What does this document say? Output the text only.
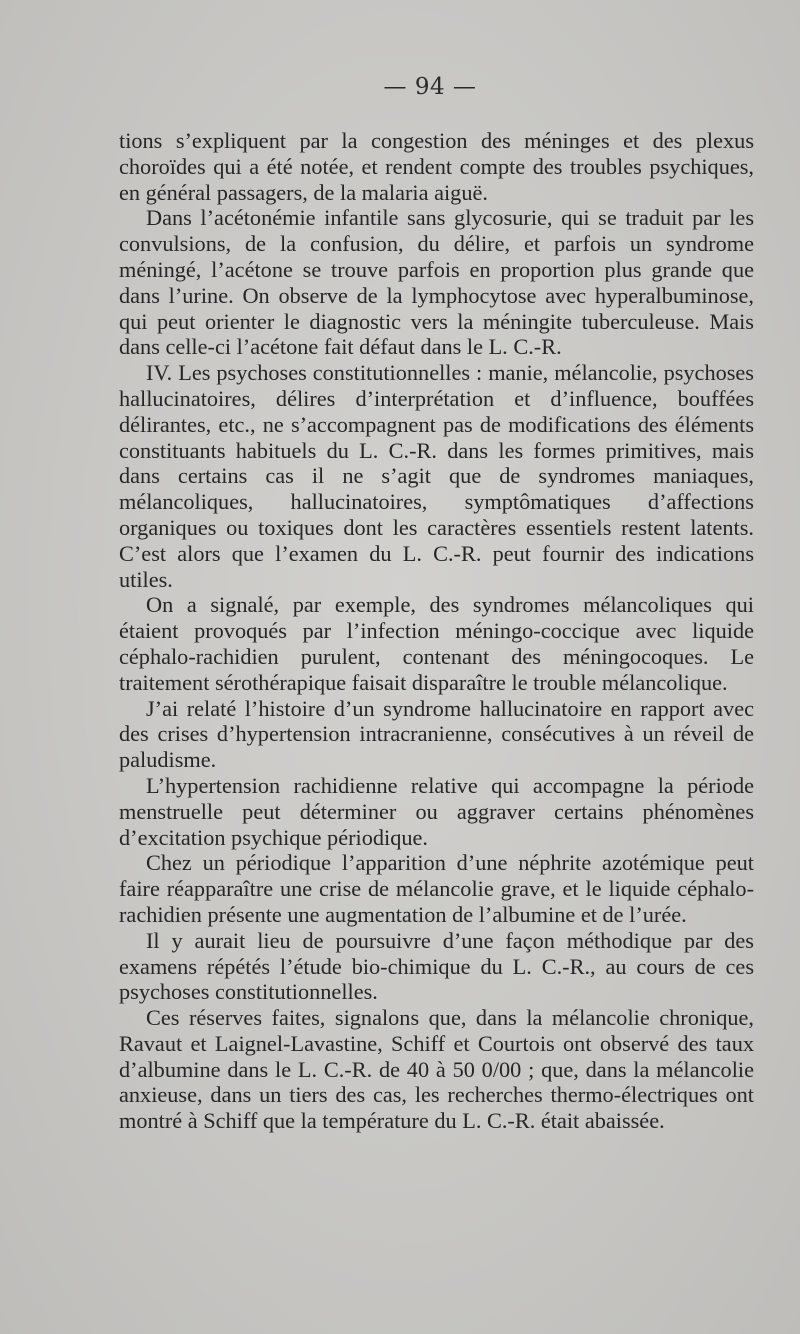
— 94 —

tions s’expliquent par la congestion des méninges et des plexus choroïdes qui a été notée, et rendent compte des troubles psychiques, en général passagers, de la malaria aiguë.

Dans l’acétonémie infantile sans glycosurie, qui se traduit par les convulsions, de la confusion, du délire, et parfois un syndrome méningé, l’acétone se trouve parfois en proportion plus grande que dans l’urine. On observe de la lymphocytose avec hyperalbuminose, qui peut orienter le diagnostic vers la méningite tuberculeuse. Mais dans celle-ci l’acétone fait défaut dans le L. C.-R.

IV. Les psychoses constitutionnelles : manie, mélancolie, psychoses hallucinatoires, délires d’interprétation et d’influence, bouffées délirantes, etc., ne s’accompagnent pas de modifications des éléments constituants habituels du L. C.-R. dans les formes primitives, mais dans certains cas il ne s’agit que de syndromes maniaques, mélancoliques, hallucinatoires, symptômatiques d’affections organiques ou toxiques dont les caractères essentiels restent latents. C’est alors que l’examen du L. C.-R. peut fournir des indications utiles.

On a signalé, par exemple, des syndromes mélancoliques qui étaient provoqués par l’infection méningo-coccique avec liquide céphalo-rachidien purulent, contenant des méningocoques. Le traitement sérothérapique faisait disparaître le trouble mélancolique.

J’ai relaté l’histoire d’un syndrome hallucinatoire en rapport avec des crises d’hypertension intracranienne, consécutives à un réveil de paludisme.

L’hypertension rachidienne relative qui accompagne la période menstruelle peut déterminer ou aggraver certains phénomènes d’excitation psychique périodique.

Chez un périodique l’apparition d’une néphrite azotémique peut faire réapparaître une crise de mélancolie grave, et le liquide céphalo-rachidien présente une augmentation de l’albumine et de l’urée.

Il y aurait lieu de poursuivre d’une façon méthodique par des examens répétés l’étude bio-chimique du L. C.-R., au cours de ces psychoses constitutionnelles.

Ces réserves faites, signalons que, dans la mélancolie chronique, Ravaut et Laignel-Lavastine, Schiff et Courtois ont observé des taux d’albumine dans le L. C.-R. de 40 à 50 0/00 ; que, dans la mélancolie anxieuse, dans un tiers des cas, les recherches thermo-électriques ont montré à Schiff que la température du L. C.-R. était abaissée.
